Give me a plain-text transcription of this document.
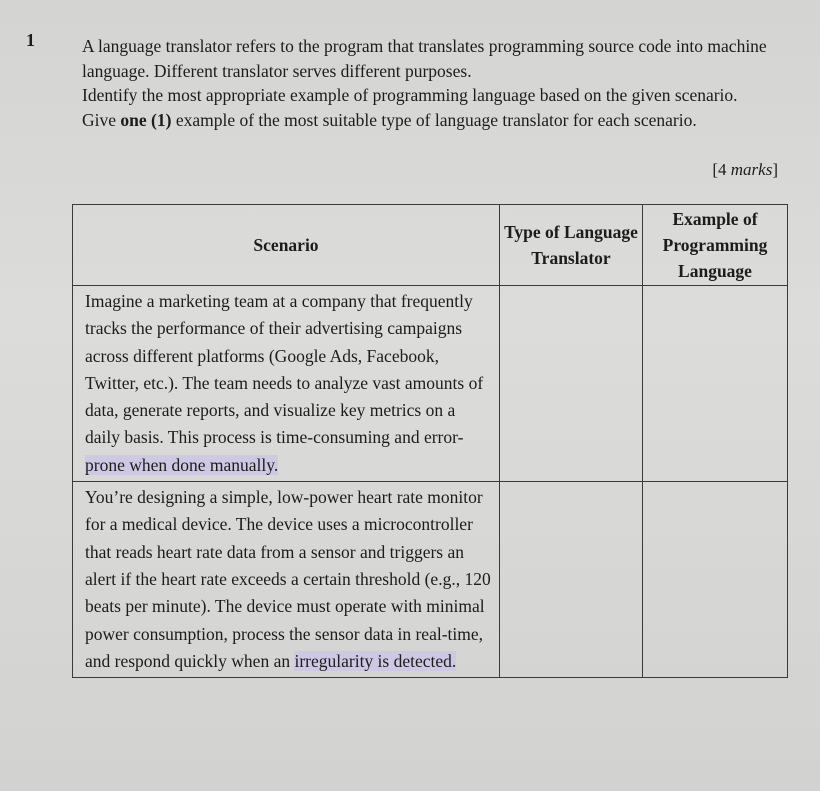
1	A language translator refers to the program that translates programming source code into machine language. Different translator serves different purposes.

Identify the most appropriate example of programming language based on the given scenario. Give one (1) example of the most suitable type of language translator for each scenario.

[4 marks]
Scenario	Type of Language Translator	Example of Programming Language
Imagine a marketing team at a company that frequently tracks the performance of their advertising campaigns across different platforms (Google Ads, Facebook, Twitter, etc.). The team needs to analyze vast amounts of data, generate reports, and visualize key metrics on a daily basis. This process is time-consuming and error- prone when done manually.		
You’re designing a simple, low-power heart rate monitor for a medical device. The device uses a microcontroller that reads heart rate data from a sensor and triggers an alert if the heart rate exceeds a certain threshold (e.g., 120 beats per minute). The device must operate with minimal power consumption, process the sensor data in real-time, and respond quickly when an irregularity is detected.		
